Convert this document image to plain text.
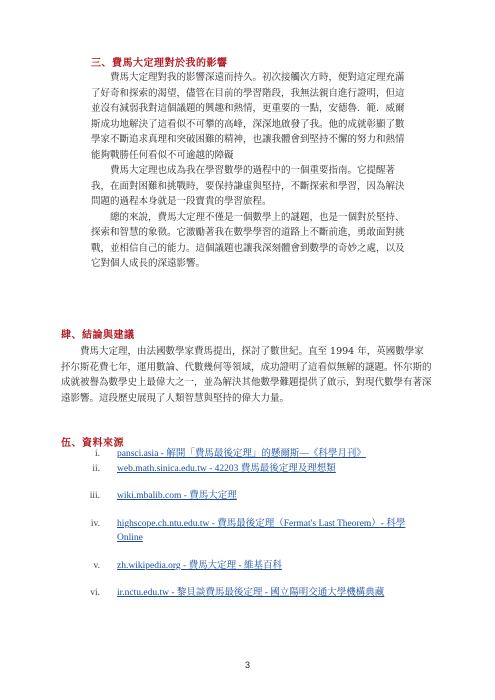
三、費馬大定理對於我的影響

費馬大定理對我的影響深遠而持久。初次接觸次方時，便對這定理充滿了好奇和探索的渴望，儘管在目前的學習階段，我無法親自進行證明，但這並沒有減弱我對這個議題的興趣和熱情，更重要的一點，安德魯．範．威爾斯成功地解決了這看似不可攀的高峰，深深地啟發了我。他的成就彰顯了數學家不斷追求真理和突破困難的精神，也讓我體會到堅持不懈的努力和熱情能夠戰勝任何看似不可逾越的障礙

費馬大定理也成為我在學習數學的過程中的一個重要指南。它提醒著我，在面對困難和挑戰時，要保持謙虛與堅持，不斷探索和學習，因為解決問題的過程本身就是一段寶貴的學習旅程。

總的來說，費馬大定理不僅是一個數學上的謎題，也是一個對於堅持、探索和智慧的象徵。它激勵著我在數學學習的道路上不斷前進，勇敢面對挑戰，並相信自己的能力。這個議題也讓我深刻體會到數學的奇妙之處，以及它對個人成長的深遠影響。

肆、結論與建議

費馬大定理，由法國數學家費馬提出，探討了數世紀。直至 1994 年，英國數學家抔尔斯花費七年，運用數論、代數幾何等領域，成功證明了這看似無解的謎題。怀尔斯的成就被譽為數學史上最偉大之一，並為解決其他數學難題提供了啟示，對現代數學有著深遠影響。這段歷史展現了人類智慧與堅持的偉大力量。

伍、資料來源
i. pansci.asia - 解開「費馬最後定理」的懸爾斯—《科學月刊》
ii. web.math.sinica.edu.tw - 42203 費馬最後定理及理想類
iii. wiki.mbalib.com - 費馬大定理
iv. highscope.ch.ntu.edu.tw - 費馬最後定理（Fermat's Last Theorem）- 科學
Online
v. zh.wikipedia.org - 費馬大定理 - 維基百科
vi. ir.nctu.edu.tw - 黎貝談費馬最後定理 - 國立陽明交通大學機構典藏
3
